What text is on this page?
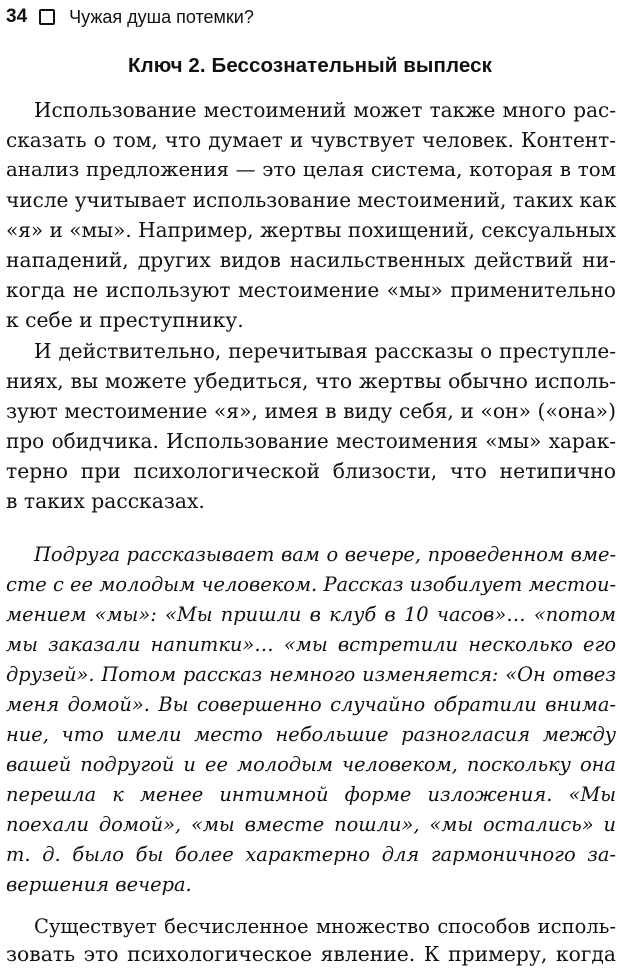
34 Чужая душа потемки?
Ключ 2. Бессознательный выплеск
Использование местоимений может также много рас-
сказать о том, что думает и чувствует человек. Контент-
анализ предложения — это целая система, которая в том
числе учитывает использование местоимений, таких как
«я» и «мы». Например, жертвы похищений, сексуальных
нападений, других видов насильственных действий ни-
когда не используют местоимение «мы» применительно
к себе и преступнику.
И действительно, перечитывая рассказы о преступле-
ниях, вы можете убедиться, что жертвы обычно исполь-
зуют местоимение «я», имея в виду себя, и «он» («она»)
про обидчика. Использование местоимения «мы» харак-
терно при психологической близости, что нетипично
в таких рассказах.
Подруга рассказывает вам о вечере, проведенном вме-
сте с ее молодым человеком. Рассказ изобилует местои-
мением «мы»: «Мы пришли в клуб в 10 часов»… «потом
мы заказали напитки»… «мы встретили несколько его
друзей». Потом рассказ немного изменяется: «Он отвез
меня домой». Вы совершенно случайно обратили внима-
ние, что имели место небольшие разногласия между
вашей подругой и ее молодым человеком, поскольку она
перешла к менее интимной форме изложения. «Мы
поехали домой», «мы вместе пошли», «мы остались» и
т. д. было бы более характерно для гармоничного за-
вершения вечера.
Существует бесчисленное множество способов исполь-
зовать это психологическое явление. К примеру, когда
